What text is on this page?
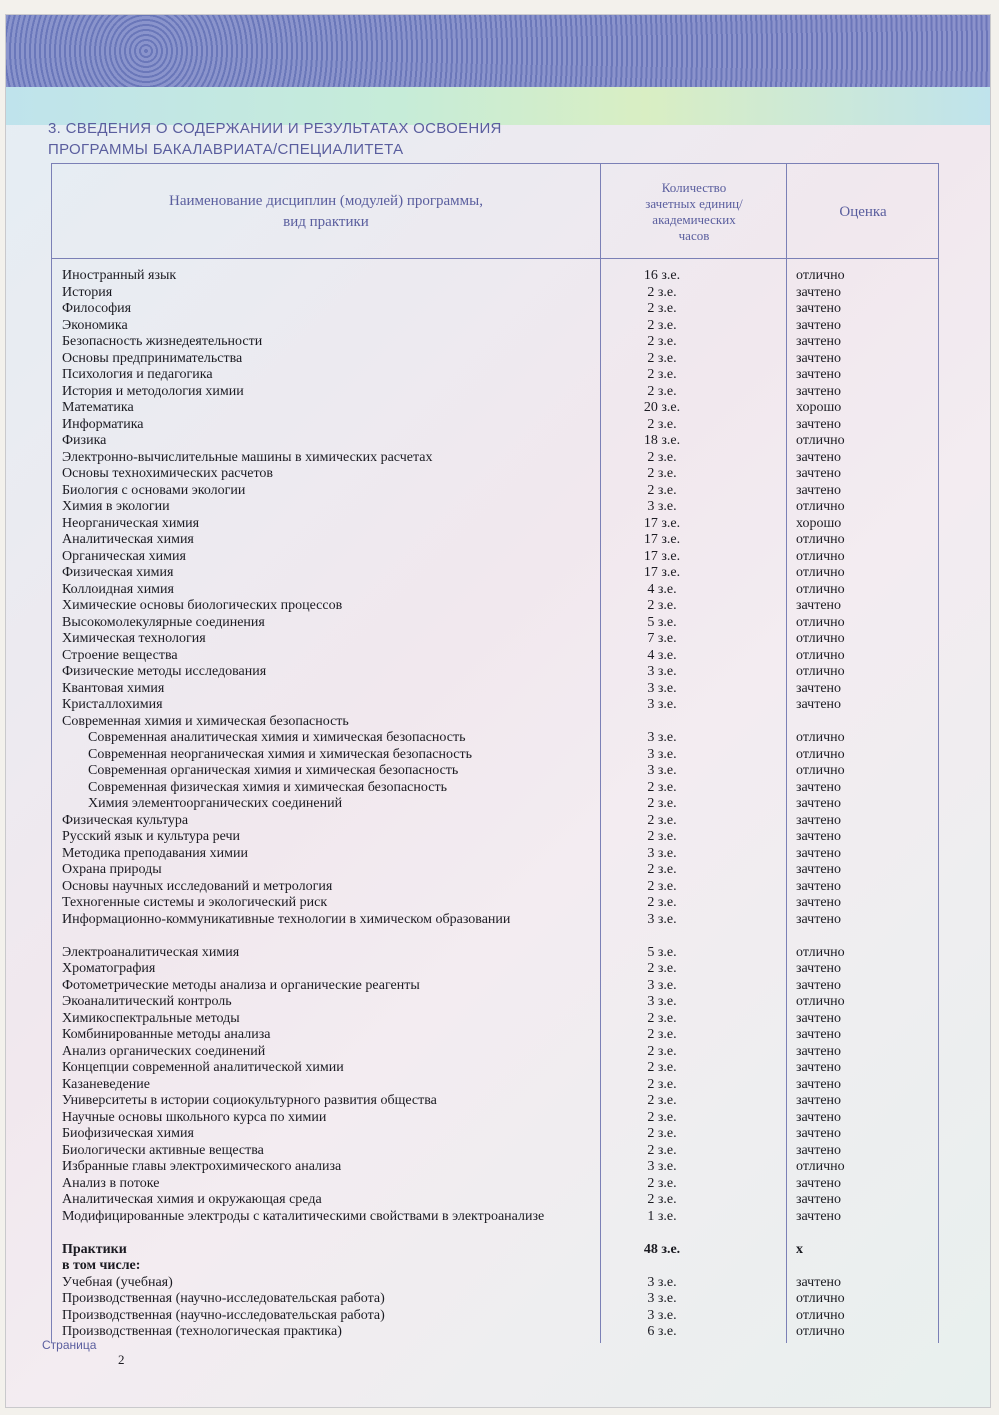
3. СВЕДЕНИЯ О СОДЕРЖАНИИ И РЕЗУЛЬТАТАХ ОСВОЕНИЯ
ПРОГРАММЫ БАКАЛАВРИАТА/СПЕЦИАЛИТЕТА
Наименование дисциплин (модулей) программы,
вид практики
Количество
зачетных единиц/
академических
часов
Оценка
Иностранный язык	16 з.е.	отлично
История	2 з.е.	зачтено
Философия	2 з.е.	зачтено
Экономика	2 з.е.	зачтено
Безопасность жизнедеятельности	2 з.е.	зачтено
Основы предпринимательства	2 з.е.	зачтено
Психология и педагогика	2 з.е.	зачтено
История и методология химии	2 з.е.	зачтено
Математика	20 з.е.	хорошо
Информатика	2 з.е.	зачтено
Физика	18 з.е.	отлично
Электронно-вычислительные машины в химических расчетах	2 з.е.	зачтено
Основы технохимических расчетов	2 з.е.	зачтено
Биология с основами экологии	2 з.е.	зачтено
Химия в экологии	3 з.е.	отлично
Неорганическая химия	17 з.е.	хорошо
Аналитическая химия	17 з.е.	отлично
Органическая химия	17 з.е.	отлично
Физическая химия	17 з.е.	отлично
Коллоидная химия	4 з.е.	отлично
Химические основы биологических процессов	2 з.е.	зачтено
Высокомолекулярные соединения	5 з.е.	отлично
Химическая технология	7 з.е.	отлично
Строение вещества	4 з.е.	отлично
Физические методы исследования	3 з.е.	отлично
Квантовая химия	3 з.е.	зачтено
Кристаллохимия	3 з.е.	зачтено
Современная химия и химическая безопасность
Современная аналитическая химия и химическая безопасность	3 з.е.	отлично
Современная неорганическая химия и химическая безопасность	3 з.е.	отлично
Современная органическая химия и химическая безопасность	3 з.е.	отлично
Современная физическая химия и химическая безопасность	2 з.е.	зачтено
Химия элементоорганических соединений	2 з.е.	зачтено
Физическая культура	2 з.е.	зачтено
Русский язык и культура речи	2 з.е.	зачтено
Методика преподавания химии	3 з.е.	зачтено
Охрана природы	2 з.е.	зачтено
Основы научных исследований и метрология	2 з.е.	зачтено
Техногенные системы и экологический риск	2 з.е.	зачтено
Информационно-коммуникативные технологии в химическом образовании	3 з.е.	зачтено
Электроаналитическая химия	5 з.е.	отлично
Хроматография	2 з.е.	зачтено
Фотометрические методы анализа и органические реагенты	3 з.е.	зачтено
Экоаналитический контроль	3 з.е.	отлично
Химикоспектральные методы	2 з.е.	зачтено
Комбинированные методы анализа	2 з.е.	зачтено
Анализ органических соединений	2 з.е.	зачтено
Концепции современной аналитической химии	2 з.е.	зачтено
Казаневедение	2 з.е.	зачтено
Университеты в истории социокультурного развития общества	2 з.е.	зачтено
Научные основы школьного курса по химии	2 з.е.	зачтено
Биофизическая химия	2 з.е.	зачтено
Биологически активные вещества	2 з.е.	зачтено
Избранные главы электрохимического анализа	3 з.е.	отлично
Анализ в потоке	2 з.е.	зачтено
Аналитическая химия и окружающая среда	2 з.е.	зачтено
Модифицированные электроды с каталитическими свойствами в электроанализе	1 з.е.	зачтено
Практики	48 з.е.	х
в том числе:
Учебная (учебная)	3 з.е.	зачтено
Производственная (научно-исследовательская работа)	3 з.е.	отлично
Производственная (научно-исследовательская работа)	3 з.е.	отлично
Производственная (технологическая практика)	6 з.е.	отлично
Страница
2
